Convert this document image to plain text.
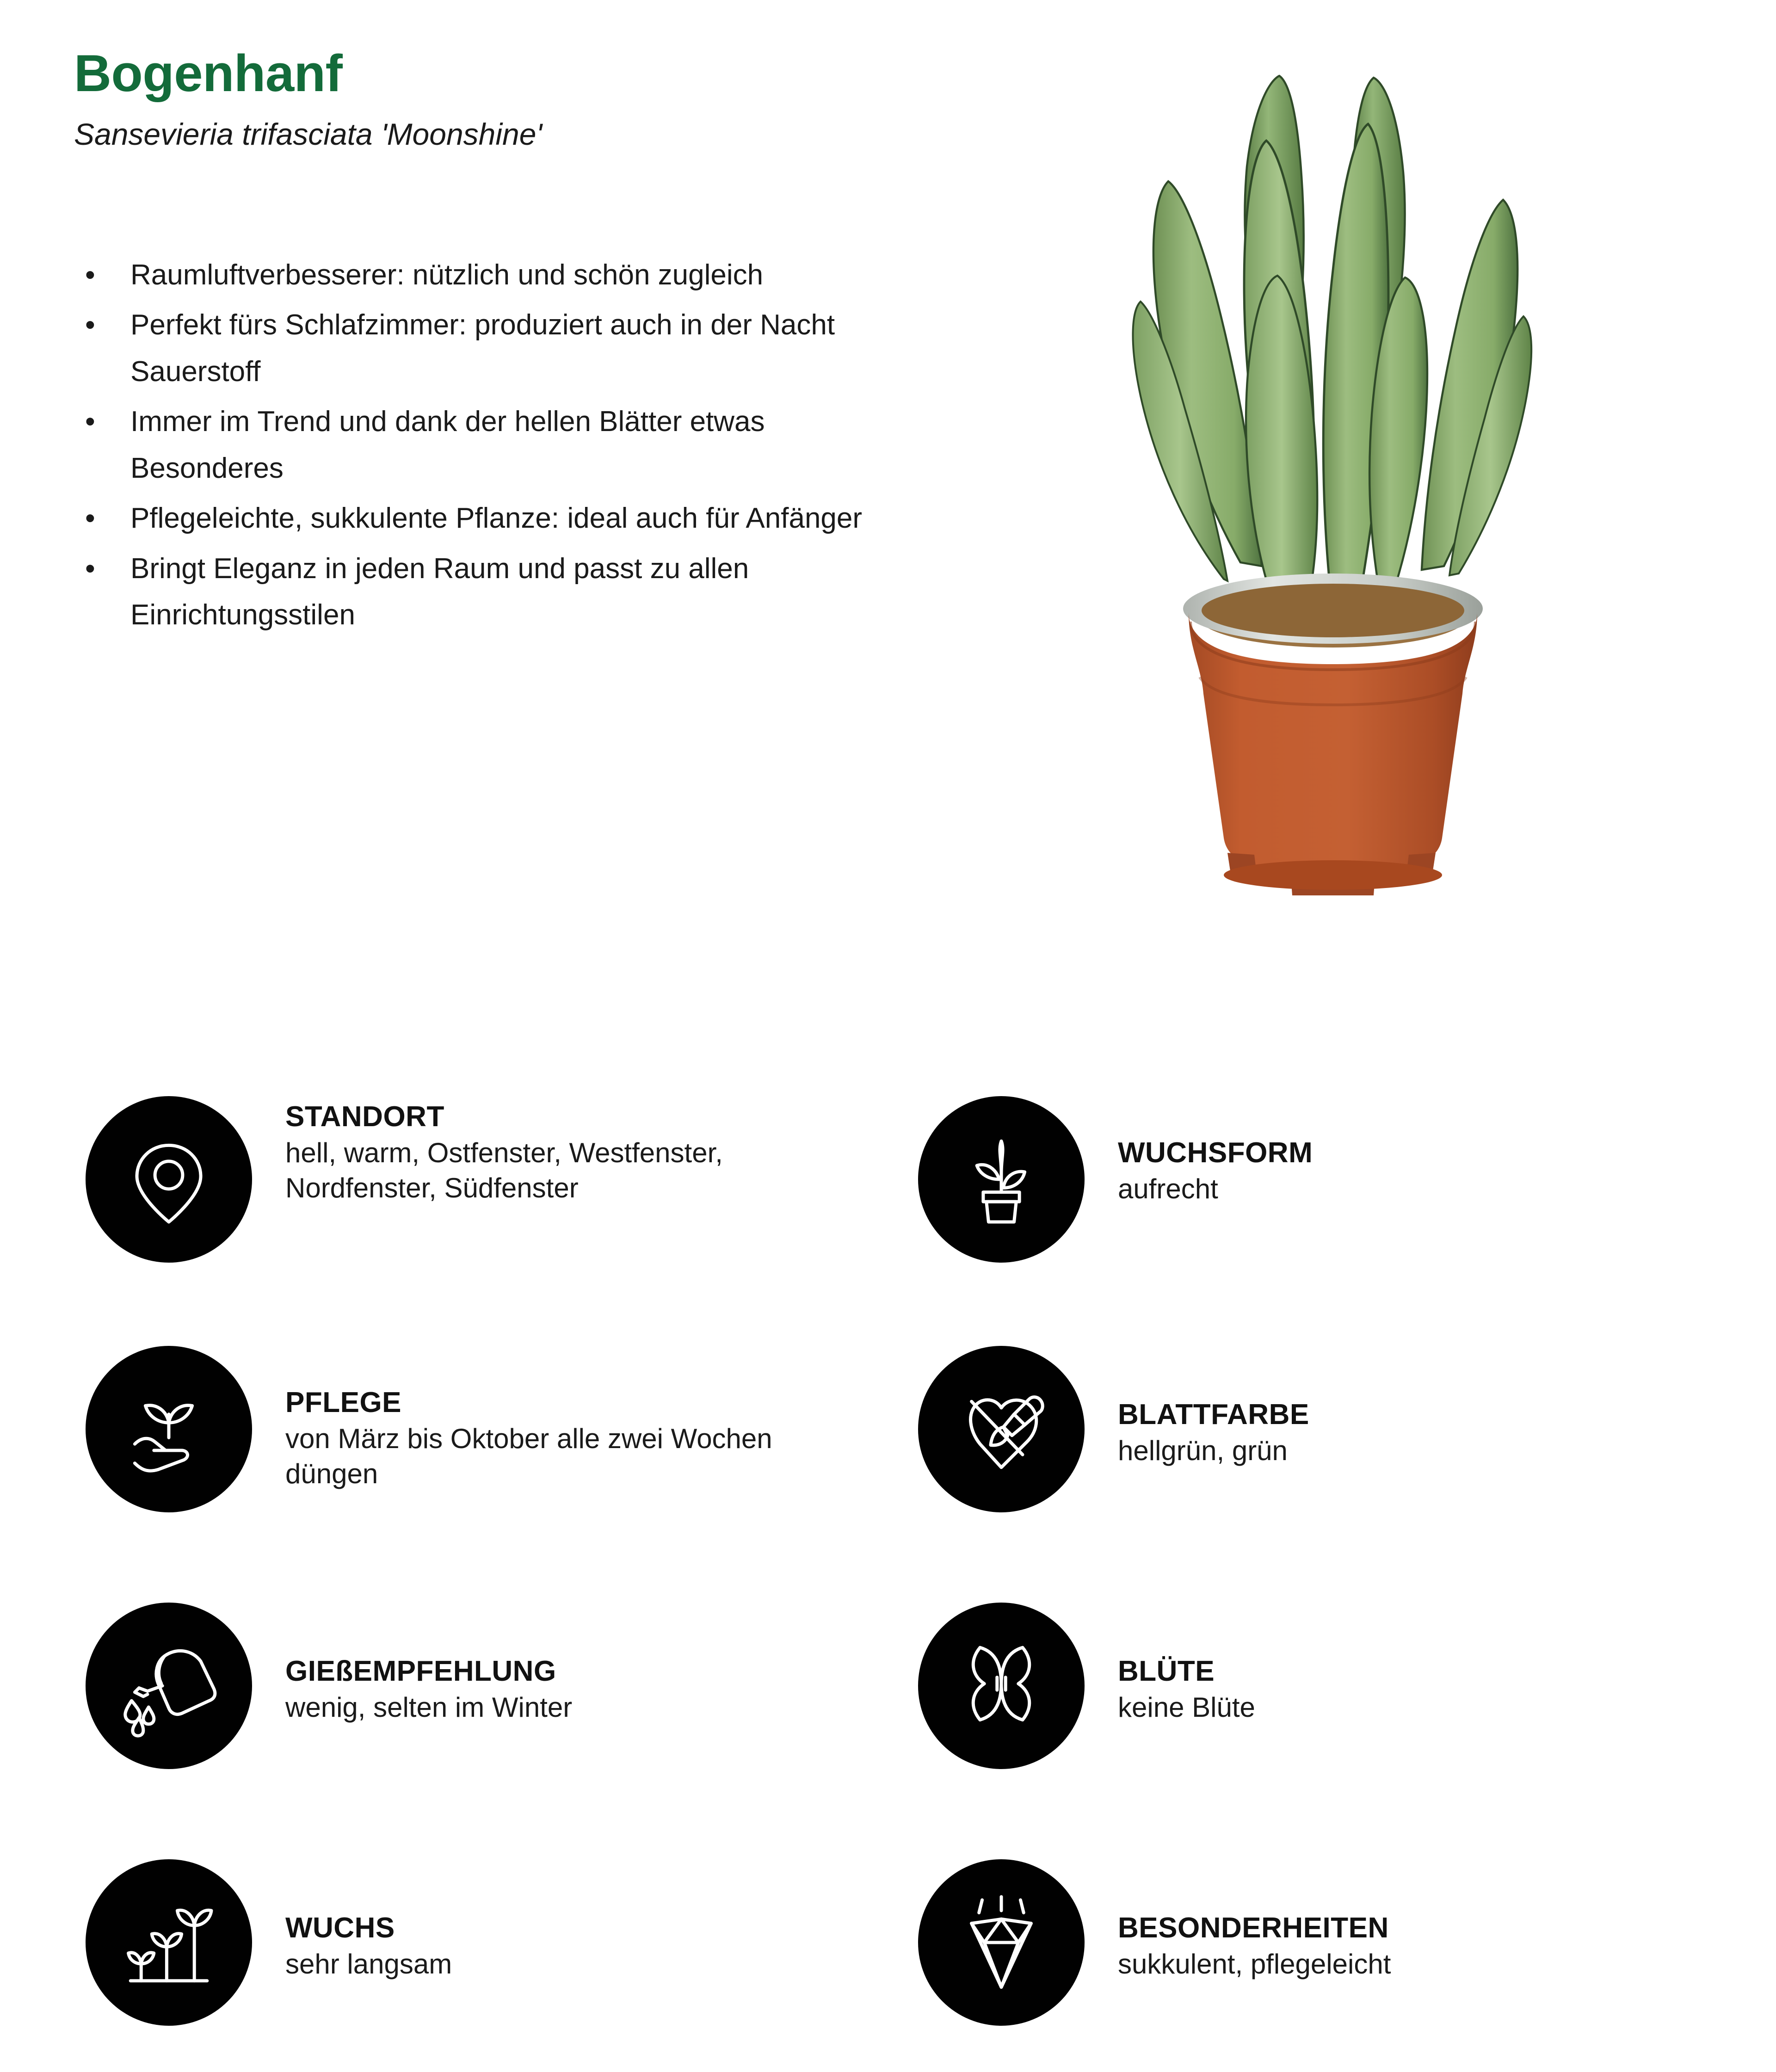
Bogenhanf

Sansevieria trifasciata 'Moonshine'

• Raumluftverbesserer: nützlich und schön zugleich
• Perfekt fürs Schlafzimmer: produziert auch in der Nacht Sauerstoff
• Immer im Trend und dank der hellen Blätter etwas Besonderes
• Pflegeleichte, sukkulente Pflanze: ideal auch für Anfänger
• Bringt Eleganz in jeden Raum und passt zu allen Einrichtungsstilen

STANDORT

hell, warm, Ostfenster, Westfenster, Nordfenster, Südfenster

WUCHSFORM

aufrecht

PFLEGE

von März bis Oktober alle zwei Wochen düngen

BLATTFARBE

hellgrün, grün

GIEßEMPFEHLUNG

wenig, selten im Winter

BLÜTE

keine Blüte

WUCHS

sehr langsam

BESONDERHEITEN

sukkulent, pflegeleicht
